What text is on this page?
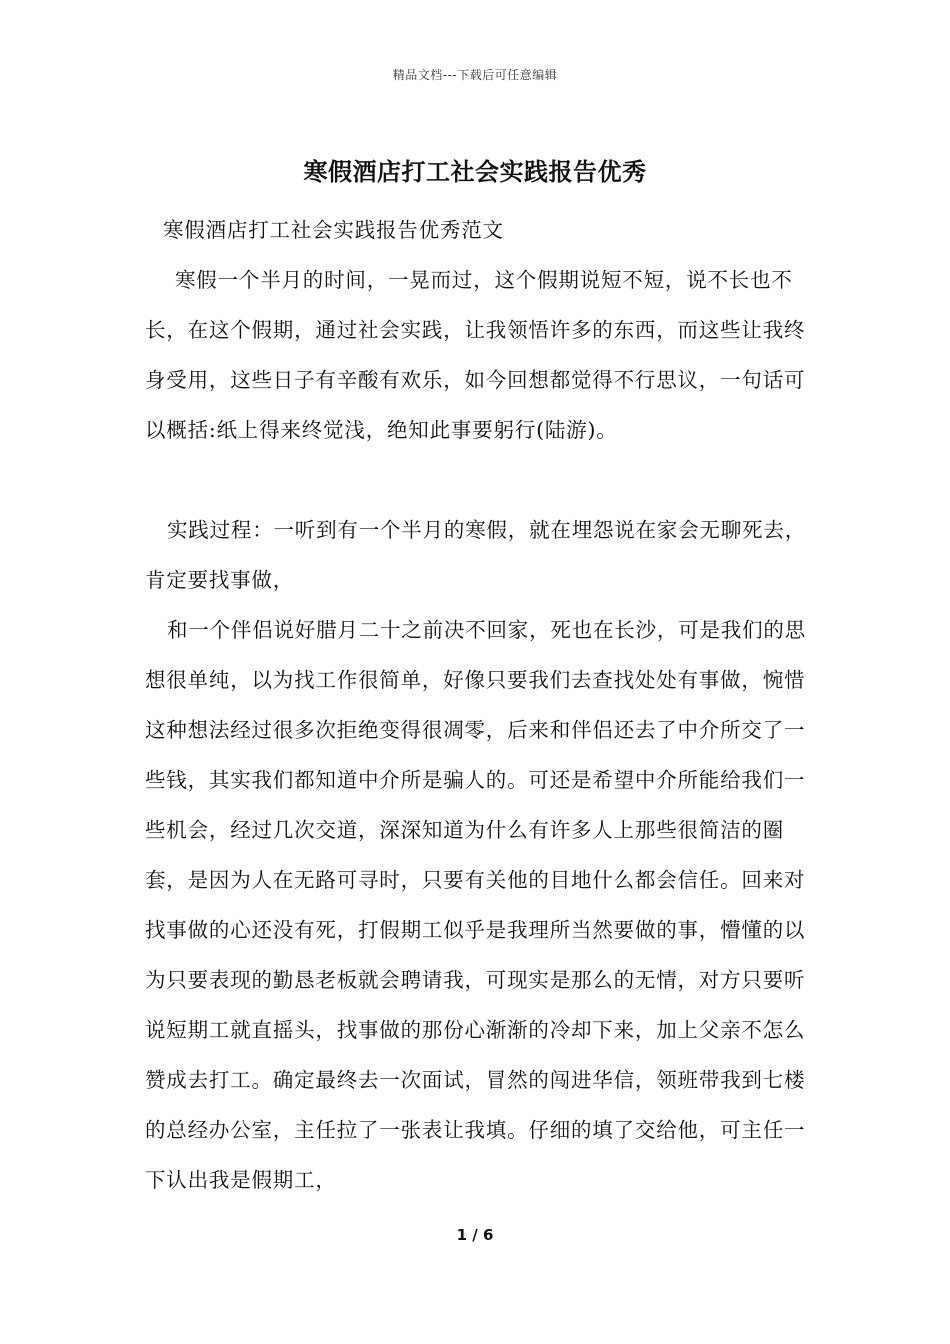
精品文档---下载后可任意编辑
寒假酒店打工社会实践报告优秀

寒假酒店打工社会实践报告优秀范文

寒假一个半月的时间，一晃而过，这个假期说短不短，说不长也不长，在这个假期，通过社会实践，让我领悟许多的东西，而这些让我终身受用，这些日子有辛酸有欢乐，如今回想都觉得不行思议，一句话可以概括:纸上得来终觉浅，绝知此事要躬行(陆游)。

实践过程：一听到有一个半月的寒假，就在埋怨说在家会无聊死去，肯定要找事做，

和一个伴侣说好腊月二十之前决不回家，死也在长沙，可是我们的思想很单纯，以为找工作很简单，好像只要我们去查找处处有事做，惋惜这种想法经过很多次拒绝变得很凋零，后来和伴侣还去了中介所交了一些钱，其实我们都知道中介所是骗人的。可还是希望中介所能给我们一些机会，经过几次交道，深深知道为什么有许多人上那些很简洁的圈套，是因为人在无路可寻时，只要有关他的目地什么都会信任。回来对找事做的心还没有死，打假期工似乎是我理所当然要做的事，懵懂的以为只要表现的勤恳老板就会聘请我，可现实是那么的无情，对方只要听说短期工就直摇头，找事做的那份心渐渐的冷却下来，加上父亲不怎么赞成去打工。确定最终去一次面试，冒然的闯进华信，领班带我到七楼的总经办公室，主任拉了一张表让我填。仔细的填了交给他，可主任一下认出我是假期工，

1 / 6
